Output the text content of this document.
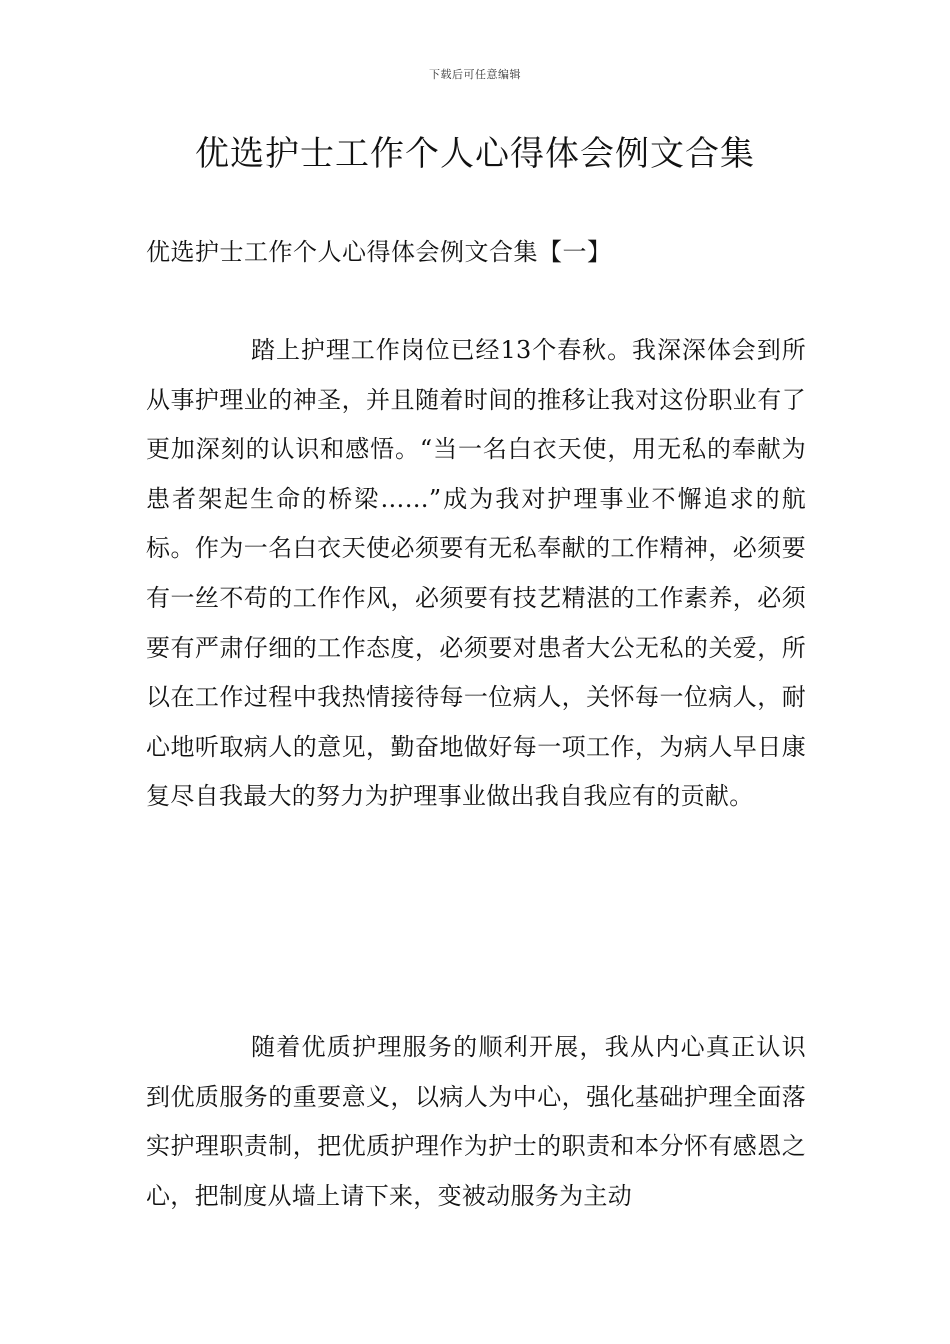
下载后可任意编辑
优选护士工作个人心得体会例文合集
优选护士工作个人心得体会例文合集【一】

踏上护理工作岗位已经13个春秋。我深深体会到所从事护理业的神圣，并且随着时间的推移让我对这份职业有了更加深刻的认识和感悟。“当一名白衣天使，用无私的奉献为患者架起生命的桥梁……”成为我对护理事业不懈追求的航标。作为一名白衣天使必须要有无私奉献的工作精神，必须要有一丝不苟的工作作风，必须要有技艺精湛的工作素养，必须要有严肃仔细的工作态度，必须要对患者大公无私的关爱，所以在工作过程中我热情接待每一位病人，关怀每一位病人，耐心地听取病人的意见，勤奋地做好每一项工作，为病人早日康复尽自我最大的努力为护理事业做出我自我应有的贡献。

随着优质护理服务的顺利开展，我从内心真正认识到优质服务的重要意义，以病人为中心，强化基础护理全面落实护理职责制，把优质护理作为护士的职责和本分怀有感恩之心，把制度从墙上请下来，变被动服务为主动
